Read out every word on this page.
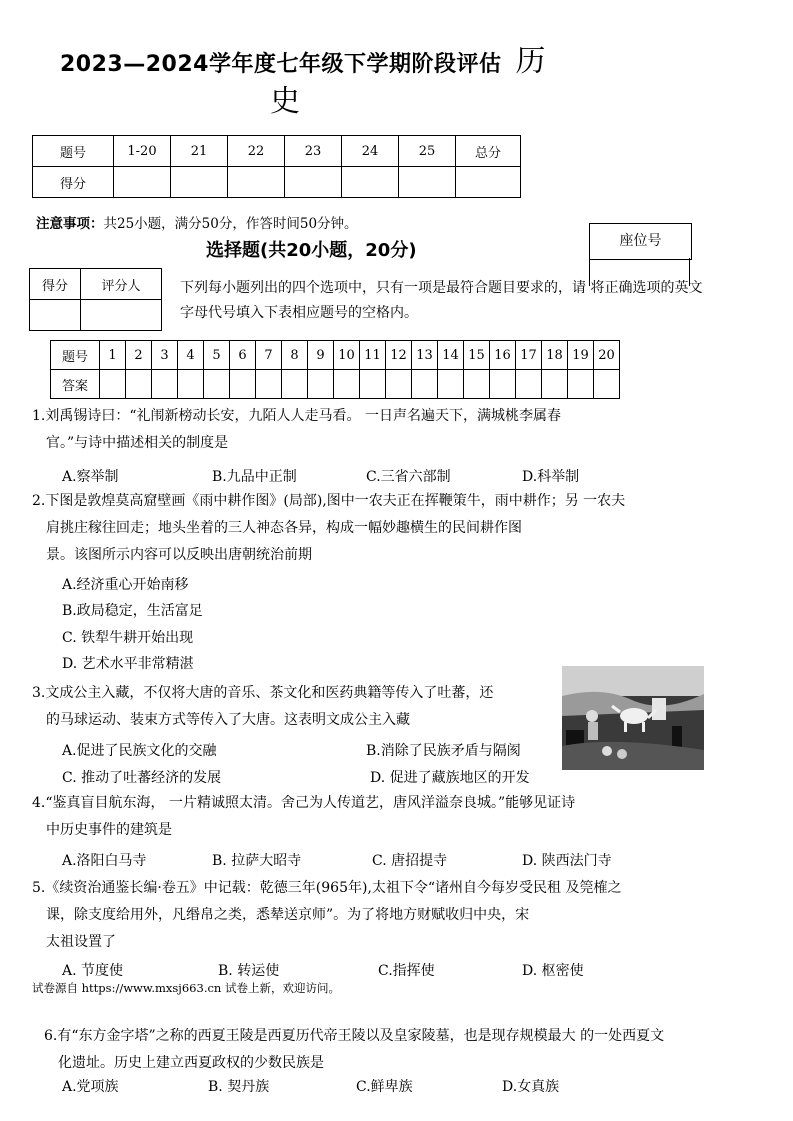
2023—2024学年度七年级下学期阶段评估 历
史
题号	1-20	21	22	23	24	25	总分
得分							
注意事项：共25小题，满分50分，作答时间50分钟。
座位号
选择题(共20小题，20分)
得分	评分人
		下列每小题列出的四个选项中，只有一项是最符合题目要求的，请 将正确选项的英文字母代号填入下表相应题号的空格内。
题号	1	2	3	4	5	6	7	8	9	10	11	12	13	14	15	16	17	18	19	20
答案																				
1.刘禹锡诗曰：“礼闱新榜动长安，九陌人人走马看。 一日声名遍天下，满城桃李属春
官。”与诗中描述相关的制度是
A.察举制	B.九品中正制	C.三省六部制	D.科举制
2.下图是敦煌莫高窟壁画《雨中耕作图》(局部),图中一农夫正在挥鞭策牛，雨中耕作；另 一农夫
肩挑庄稼往回走；地头坐着的三人神态各异，构成一幅妙趣横生的民间耕作图
景。该图所示内容可以反映出唐朝统治前期
A.经济重心开始南移
B.政局稳定，生活富足
C. 铁犁牛耕开始出现
D. 艺术水平非常精湛
3.文成公主入藏，不仅将大唐的音乐、茶文化和医药典籍等传入了吐蕃，还
的马球运动、装束方式等传入了大唐。这表明文成公主入藏
A.促进了民族文化的交融	B.消除了民族矛盾与隔阂
C. 推动了吐蕃经济的发展	D. 促进了藏族地区的开发
4.“鉴真盲目航东海， 一片精诚照太清。舍己为人传道艺，唐风洋溢奈良城。”能够见证诗
中历史事件的建筑是
A.洛阳白马寺	B. 拉萨大昭寺	C. 唐招提寺	D. 陕西法门寺
5.《续资治通鉴长编·卷五》中记载：乾德三年(965年),太祖下令“诸州自今每岁受民租 及筦榷之
课，除支度给用外，凡缗帛之类，悉辇送京师”。为了将地方财赋收归中央，宋
太祖设置了
A. 节度使	B. 转运使	C.指挥使	D. 枢密使
6.有“东方金字塔”之称的西夏王陵是西夏历代帝王陵以及皇家陵墓，也是现存规模最大 的一处西夏文
化遗址。历史上建立西夏政权的少数民族是
A.党项族	B. 契丹族	C.鲜卑族	D.女真族
试卷源自 https://www.mxsj663.cn 试卷上新，欢迎访问。
